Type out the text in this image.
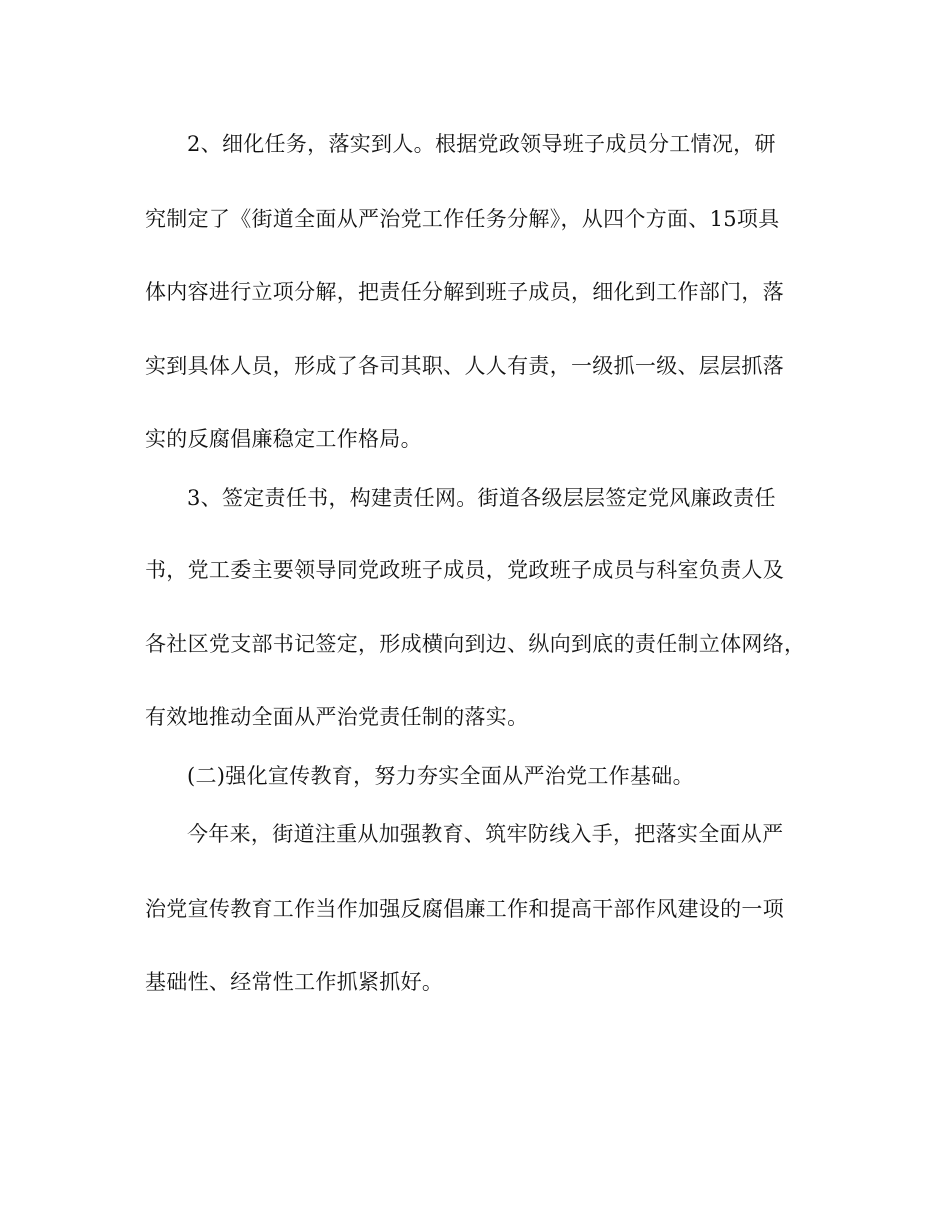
2、细化任务，落实到人。根据党政领导班子成员分工情况，研
究制定了《街道全面从严治党工作任务分解》，从四个方面、15项具
体内容进行立项分解，把责任分解到班子成员，细化到工作部门，落
实到具体人员，形成了各司其职、人人有责，一级抓一级、层层抓落
实的反腐倡廉稳定工作格局。
3、签定责任书，构建责任网。街道各级层层签定党风廉政责任
书，党工委主要领导同党政班子成员，党政班子成员与科室负责人及
各社区党支部书记签定，形成横向到边、纵向到底的责任制立体网络，
有效地推动全面从严治党责任制的落实。
(二)强化宣传教育，努力夯实全面从严治党工作基础。
今年来，街道注重从加强教育、筑牢防线入手，把落实全面从严
治党宣传教育工作当作加强反腐倡廉工作和提高干部作风建设的一项
基础性、经常性工作抓紧抓好。
